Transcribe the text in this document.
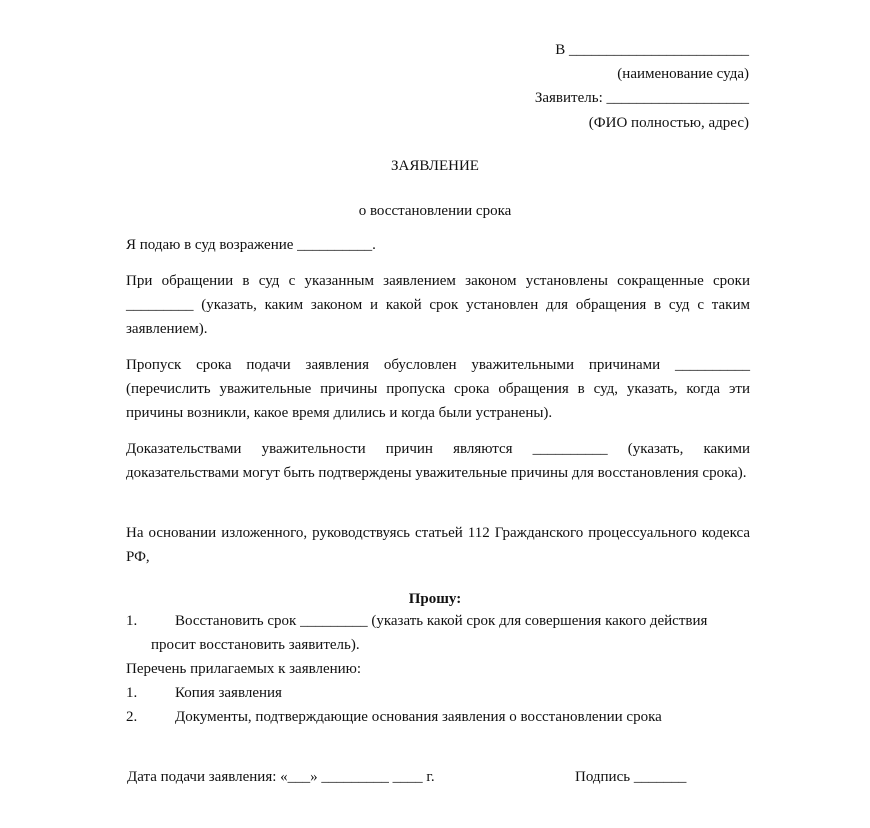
В ________________________
(наименование суда)
Заявитель: ___________________
(ФИО полностью, адрес)
ЗАЯВЛЕНИЕ
о восстановлении срока
Я подаю в суд возражение __________.
При обращении в суд с указанным заявлением законом установлены сокращенные сроки _________ (указать, каким законом и какой срок установлен для обращения в суд с таким заявлением).
Пропуск срока подачи заявления обусловлен уважительными причинами __________ (перечислить уважительные причины пропуска срока обращения в суд, указать, когда эти причины возникли, какое время длились и когда были устранены).
Доказательствами уважительности причин являются __________ (указать, какими доказательствами могут быть подтверждены уважительные причины для восстановления срока).
На основании изложенного, руководствуясь статьей 112 Гражданского процессуального кодекса РФ,
Прошу:
1.	Восстановить срок _________ (указать какой срок для совершения какого действия
просит восстановить заявитель).
Перечень прилагаемых к заявлению:
1.	Копия заявления
2.	Документы, подтверждающие основания заявления о восстановлении срока
Дата подачи заявления: «___» _________ ____ г.	Подпись _______
